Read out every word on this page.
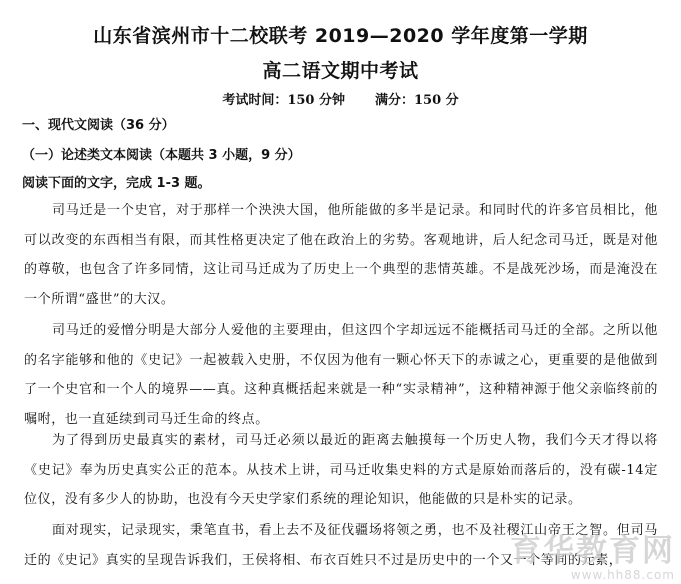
山东省滨州市十二校联考 2019—2020 学年度第一学期
高二语文期中考试
考试时间：150 分钟 满分：150 分
一、现代文阅读（36 分）
（一）论述类文本阅读（本题共 3 小题，9 分）
阅读下面的文字，完成 1-3 题。

司马迁是一个史官，对于那样一个泱泱大国，他所能做的多半是记录。和同时代的许多官员相比，他可以改变的东西相当有限，而其性格更决定了他在政治上的劣势。客观地讲，后人纪念司马迁，既是对他的尊敬，也包含了许多同情，这让司马迁成为了历史上一个典型的悲情英雄。不是战死沙场，而是淹没在一个所谓“盛世”的大汉。

司马迁的爱憎分明是大部分人爱他的主要理由，但这四个字却远远不能概括司马迁的全部。之所以他的名字能够和他的《史记》一起被载入史册，不仅因为他有一颗心怀天下的赤诚之心，更重要的是他做到了一个史官和一个人的境界——真。这种真概括起来就是一种“实录精神”，这种精神源于他父亲临终前的嘱咐，也一直延续到司马迁生命的终点。

为了得到历史最真实的素材，司马迁必须以最近的距离去触摸每一个历史人物，我们今天才得以将《史记》奉为历史真实公正的范本。从技术上讲，司马迁收集史料的方式是原始而落后的，没有碳-14定位仪，没有多少人的协助，也没有今天史学家们系统的理论知识，他能做的只是朴实的记录。

面对现实，记录现实，秉笔直书，看上去不及征伐疆场将领之勇，也不及社稷江山帝王之智。但司马迁的《史记》真实的呈现告诉我们，王侯将相、布衣百姓只不过是历史中的一个又一个等同的元素，

育华教育网
www.hh88.com
